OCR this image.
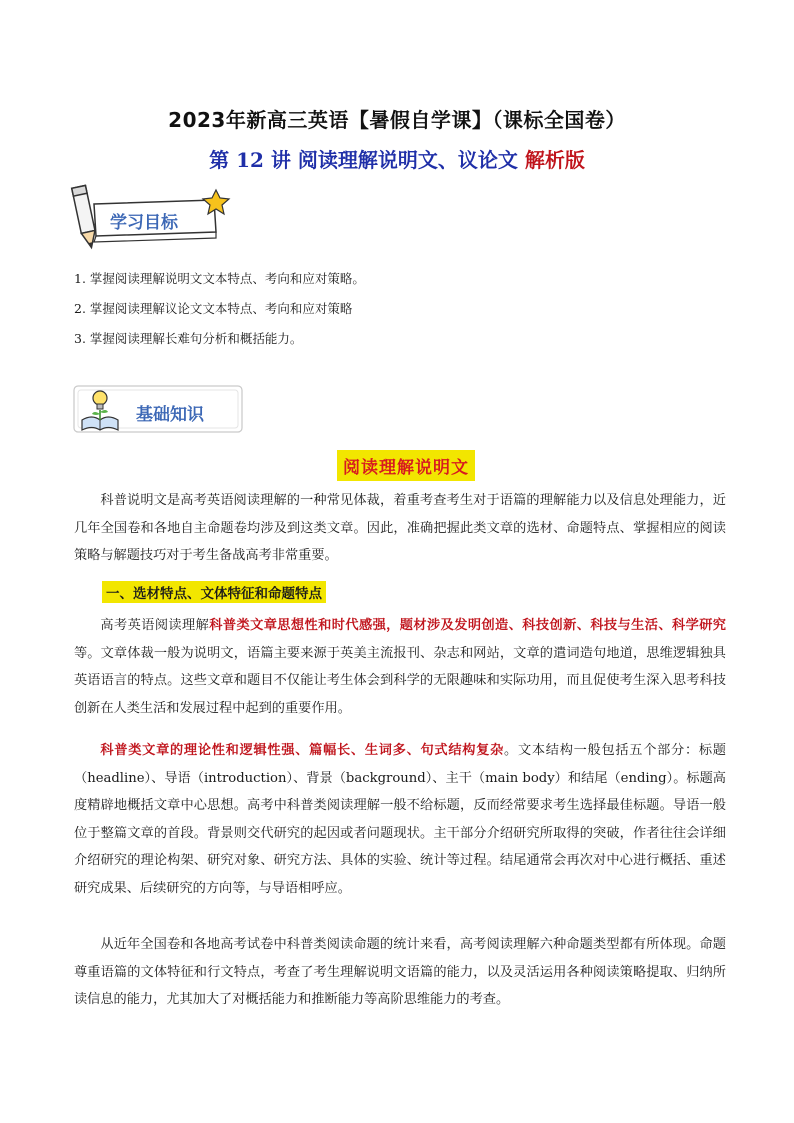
2023年新高三英语【暑假自学课】（课标全国卷）
第 12 讲 阅读理解说明文、议论文 解析版
学习目标
1. 掌握阅读理解说明文文本特点、考向和应对策略。
2. 掌握阅读理解议论文文本特点、考向和应对策略
3. 掌握阅读理解长难句分析和概括能力。
基础知识
阅读理解说明文

科普说明文是高考英语阅读理解的一种常见体裁，着重考查考生对于语篇的理解能力以及信息处理能力，近几年全国卷和各地自主命题卷均涉及到这类文章。因此，准确把握此类文章的选材、命题特点、掌握相应的阅读策略与解题技巧对于考生备战高考非常重要。

一、选材特点、文体特征和命题特点

高考英语阅读理解科普类文章思想性和时代感强，题材涉及发明创造、科技创新、科技与生活、科学研究等。文章体裁一般为说明文，语篇主要来源于英美主流报刊、杂志和网站，文章的遣词造句地道，思维逻辑独具英语语言的特点。这些文章和题目不仅能让考生体会到科学的无限趣味和实际功用，而且促使考生深入思考科技创新在人类生活和发展过程中起到的重要作用。

科普类文章的理论性和逻辑性强、篇幅长、生词多、句式结构复杂。文本结构一般包括五个部分：标题（headline）、导语（introduction）、背景（background）、主干（main body）和结尾（ending）。标题高度精辟地概括文章中心思想。高考中科普类阅读理解一般不给标题，反而经常要求考生选择最佳标题。导语一般位于整篇文章的首段。背景则交代研究的起因或者问题现状。主干部分介绍研究所取得的突破，作者往往会详细介绍研究的理论构架、研究对象、研究方法、具体的实验、统计等过程。结尾通常会再次对中心进行概括、重述研究成果、后续研究的方向等，与导语相呼应。

从近年全国卷和各地高考试卷中科普类阅读命题的统计来看，高考阅读理解六种命题类型都有所体现。命题尊重语篇的文体特征和行文特点，考查了考生理解说明文语篇的能力，以及灵活运用各种阅读策略提取、归纳所读信息的能力，尤其加大了对概括能力和推断能力等高阶思维能力的考查。
